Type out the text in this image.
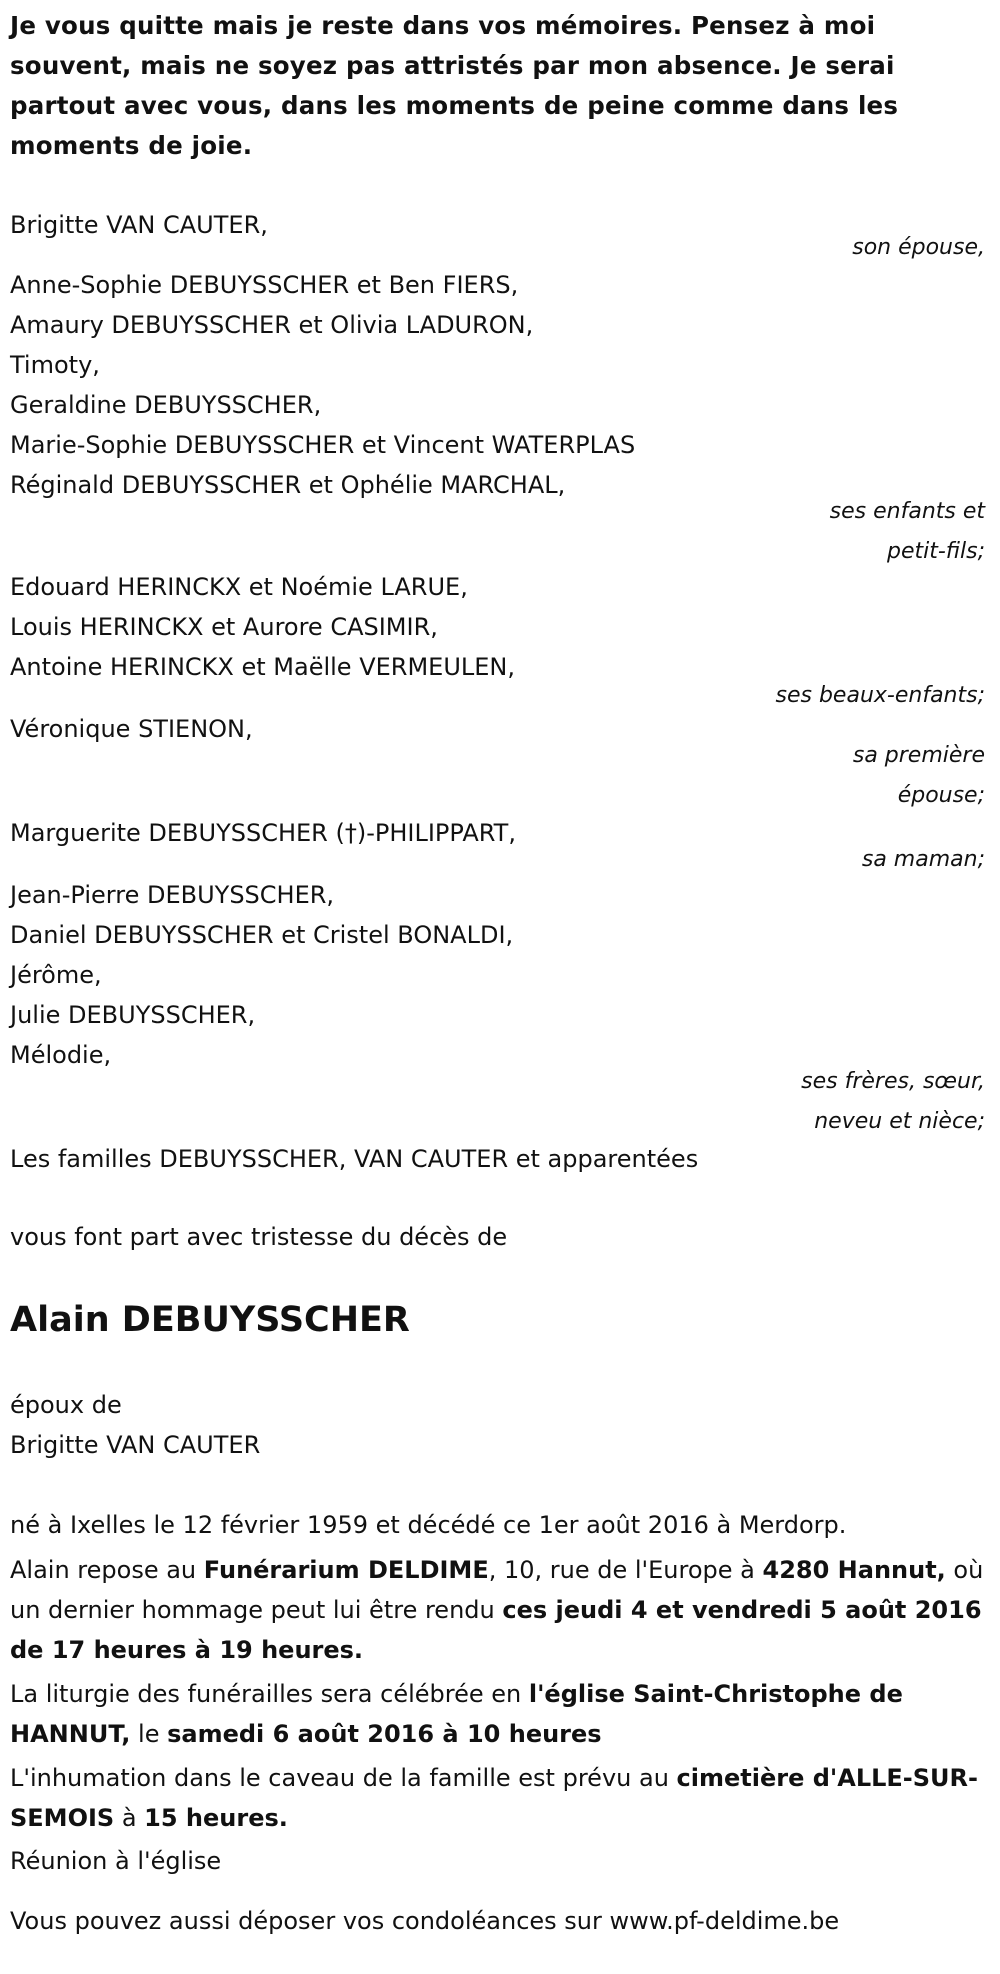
Je vous quitte mais je reste dans vos mémoires. Pensez à moi souvent, mais ne soyez pas attristés par mon absence. Je serai partout avec vous, dans les moments de peine comme dans les moments de joie.

Brigitte VAN CAUTER,
son épouse,
Anne-Sophie DEBUYSSCHER et Ben FIERS,
Amaury DEBUYSSCHER et Olivia LADURON,
Timoty,
Geraldine DEBUYSSCHER,
Marie-Sophie DEBUYSSCHER et Vincent WATERPLAS
Réginald DEBUYSSCHER et Ophélie MARCHAL,
ses enfants et
petit-fils;
Edouard HERINCKX et Noémie LARUE,
Louis HERINCKX et Aurore CASIMIR,
Antoine HERINCKX et Maëlle VERMEULEN,
ses beaux-enfants;
Véronique STIENON,
sa première
épouse;
Marguerite DEBUYSSCHER (†)-PHILIPPART,
sa maman;
Jean-Pierre DEBUYSSCHER,
Daniel DEBUYSSCHER et Cristel BONALDI,
Jérôme,
Julie DEBUYSSCHER,
Mélodie,
ses frères, sœur,
neveu et nièce;
Les familles DEBUYSSCHER, VAN CAUTER et apparentées
vous font part avec tristesse du décès de
Alain DEBUYSSCHER
époux de
Brigitte VAN CAUTER
né à Ixelles le 12 février 1959 et décédé ce 1er août 2016 à Merdorp.

Alain repose au Funérarium DELDIME, 10, rue de l'Europe à 4280 Hannut, où un dernier hommage peut lui être rendu ces jeudi 4 et vendredi 5 août 2016 de 17 heures à 19 heures.

La liturgie des funérailles sera célébrée en l'église Saint-Christophe de HANNUT, le samedi 6 août 2016 à 10 heures

L'inhumation dans le caveau de la famille est prévu au cimetière d'ALLE-SUR-SEMOIS à 15 heures.

Réunion à l'église
Vous pouvez aussi déposer vos condoléances sur www.pf-deldime.be
